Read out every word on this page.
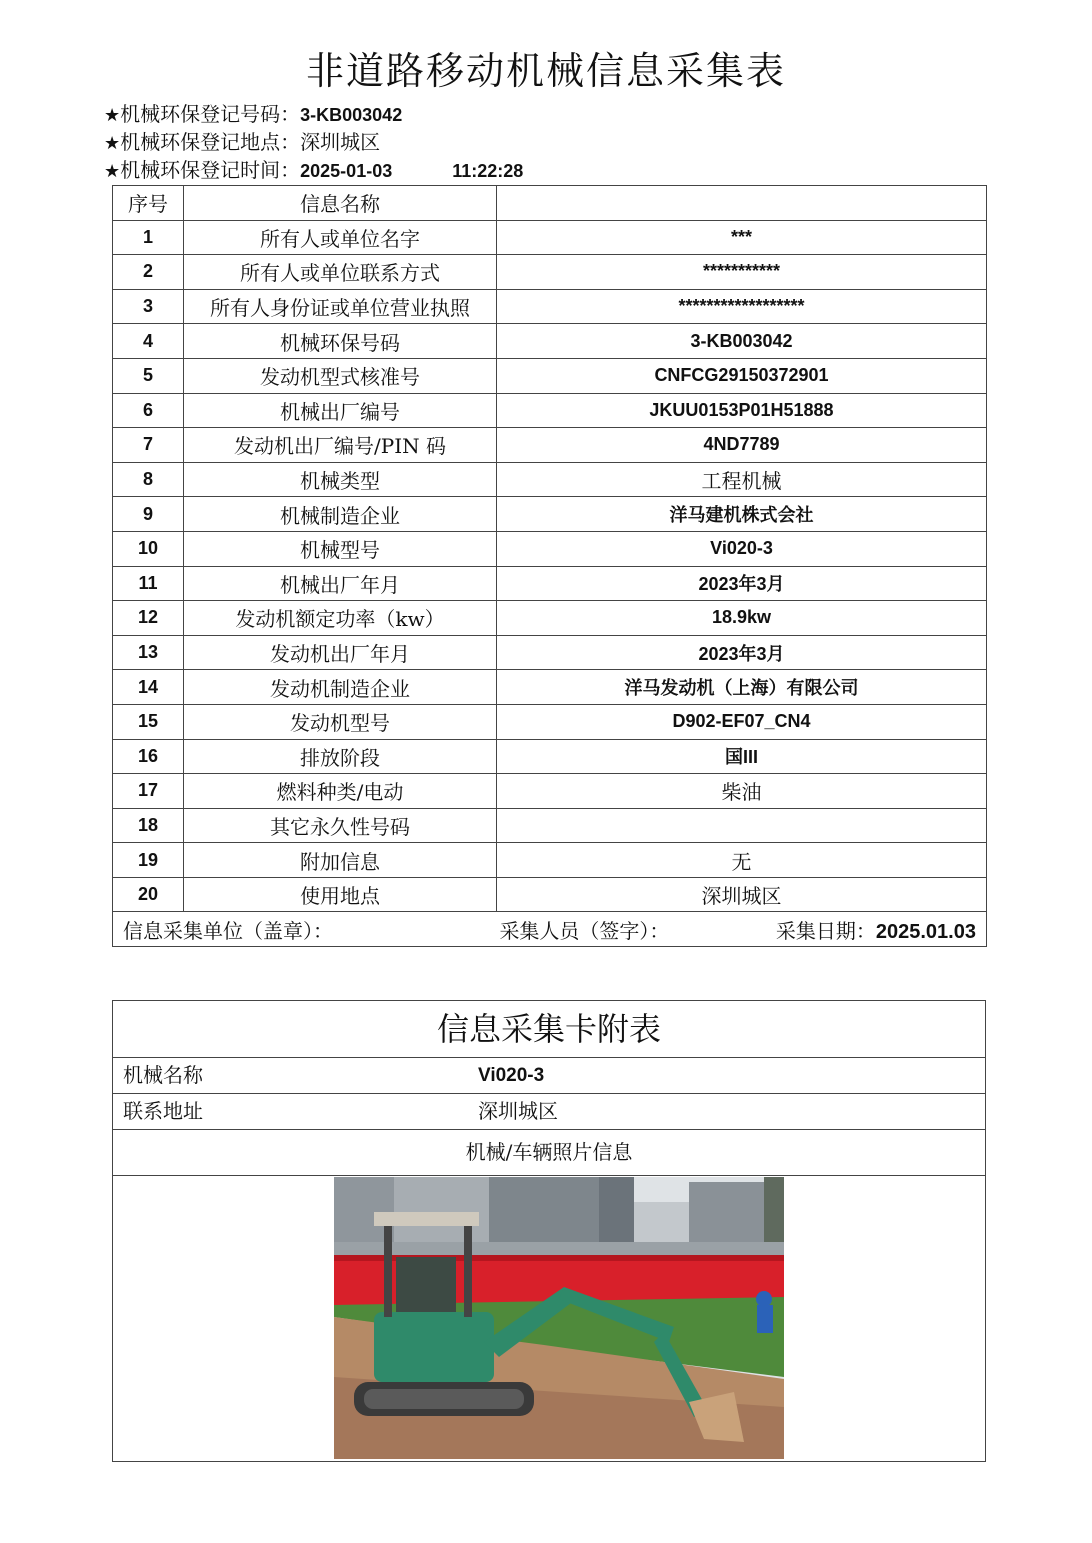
非道路移动机械信息采集表
★机械环保登记号码：3-KB003042
★机械环保登记地点：深圳城区
★机械环保登记时间：2025-01-03	11:22:28
序号	信息名称	
1	所有人或单位名字	***
2	所有人或单位联系方式	***********
3	所有人身份证或单位营业执照	******************
4	机械环保号码	3-KB003042
5	发动机型式核准号	CNFCG29150372901
6	机械出厂编号	JKUU0153P01H51888
7	发动机出厂编号/PIN 码	4ND7789
8	机械类型	工程机械
9	机械制造企业	洋马建机株式会社
10	机械型号	Vi020-3
11	机械出厂年月	2023年3月
12	发动机额定功率（kw）	18.9kw
13	发动机出厂年月	2023年3月
14	发动机制造企业	洋马发动机（上海）有限公司
15	发动机型号	D902-EF07_CN4
16	排放阶段	国III
17	燃料种类/电动	柴油
18	其它永久性号码	
19	附加信息	无
20	使用地点	深圳城区

信息采集单位（盖章）： 采集人员（签字）： 采集日期：2025.01.03		
信息采集卡附表
机械名称	Vi020-3
联系地址	深圳城区
机械/车辆照片信息
